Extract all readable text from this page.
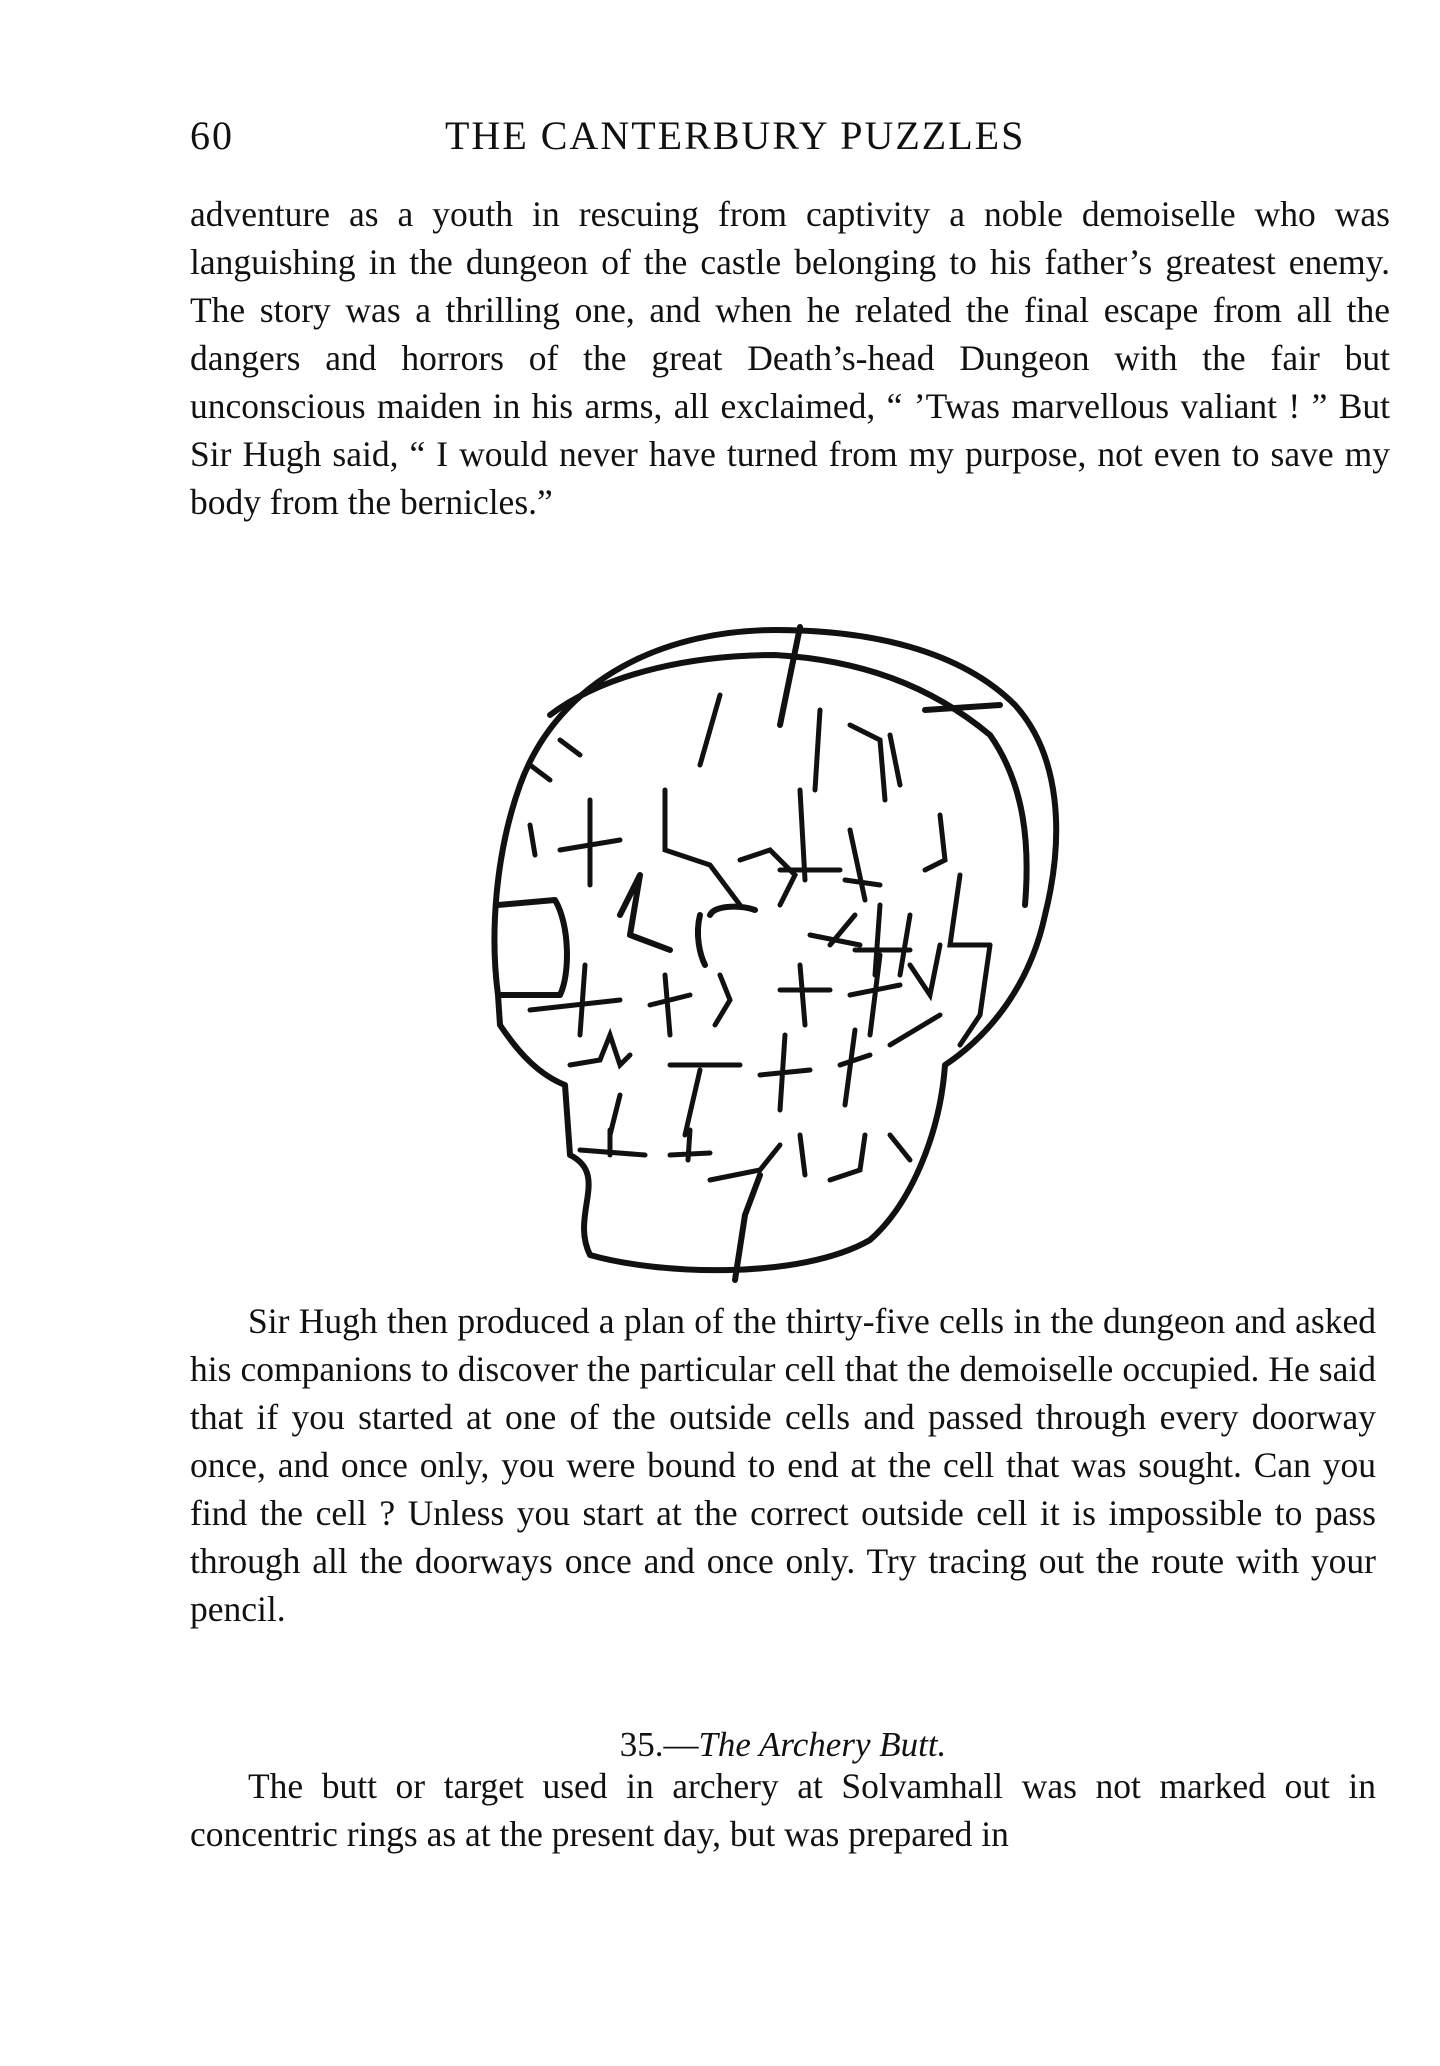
60	THE CANTERBURY PUZZLES

adventure as a youth in rescuing from captivity a noble demoiselle who was languishing in the dungeon of the castle belonging to his father’s greatest enemy. The story was a thrilling one, and when he related the final escape from all the dangers and horrors of the great Death’s-head Dungeon with the fair but unconscious maiden in his arms, all exclaimed, “ ’Twas marvellous valiant ! ” But Sir Hugh said, “ I would never have turned from my purpose, not even to save my body from the bernicles.”

Sir Hugh then produced a plan of the thirty-five cells in the dungeon and asked his companions to discover the particular cell that the demoiselle occupied. He said that if you started at one of the outside cells and passed through every doorway once, and once only, you were bound to end at the cell that was sought. Can you find the cell ? Unless you start at the correct outside cell it is impossible to pass through all the doorways once and once only. Try tracing out the route with your pencil.

35.—The Archery Butt.

The butt or target used in archery at Solvamhall was not marked out in concentric rings as at the present day, but was prepared in
